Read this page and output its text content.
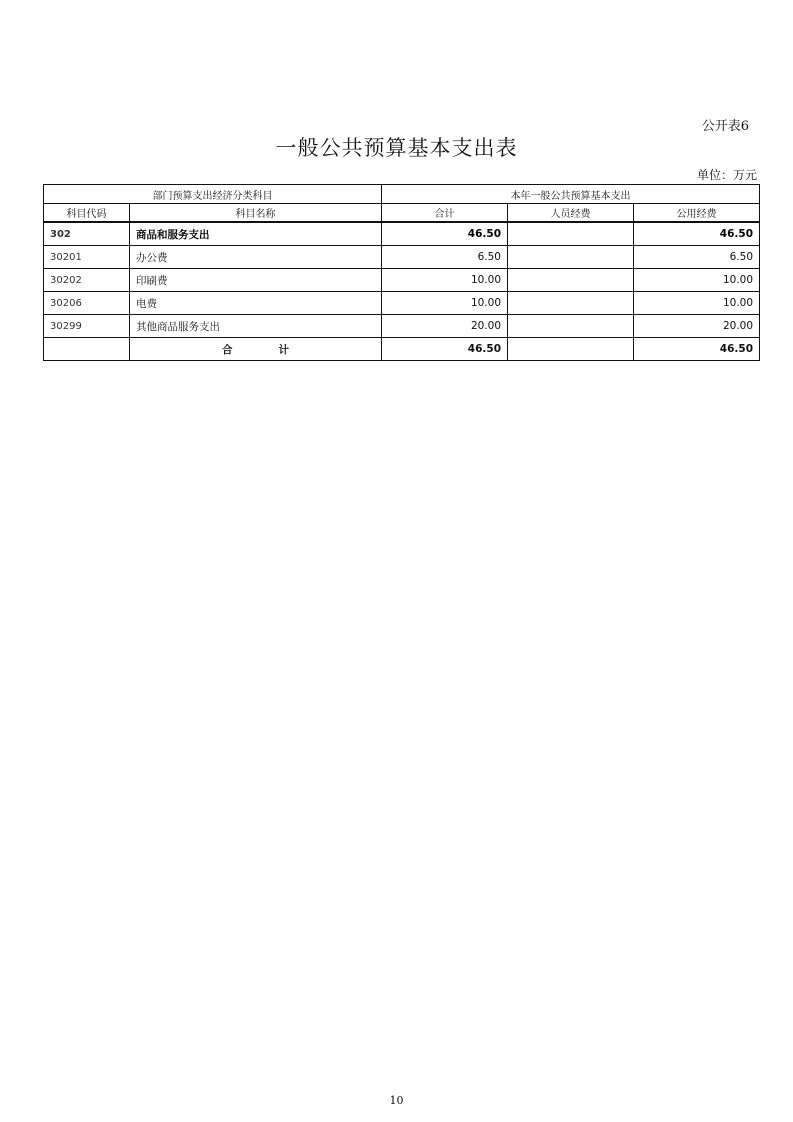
公开表6
一般公共预算基本支出表
单位：万元
部门预算支出经济分类科目		本年一般公共预算基本支出		
科目代码	科目名称	合计	人员经费	公用经费
302	商品和服务支出	46.50		46.50
30201	办公费	6.50		6.50
30202	印刷费	10.00		10.00
30206	电费	10.00		10.00
30299	其他商品服务支出	20.00		20.00
	合 计	46.50		46.50
10
